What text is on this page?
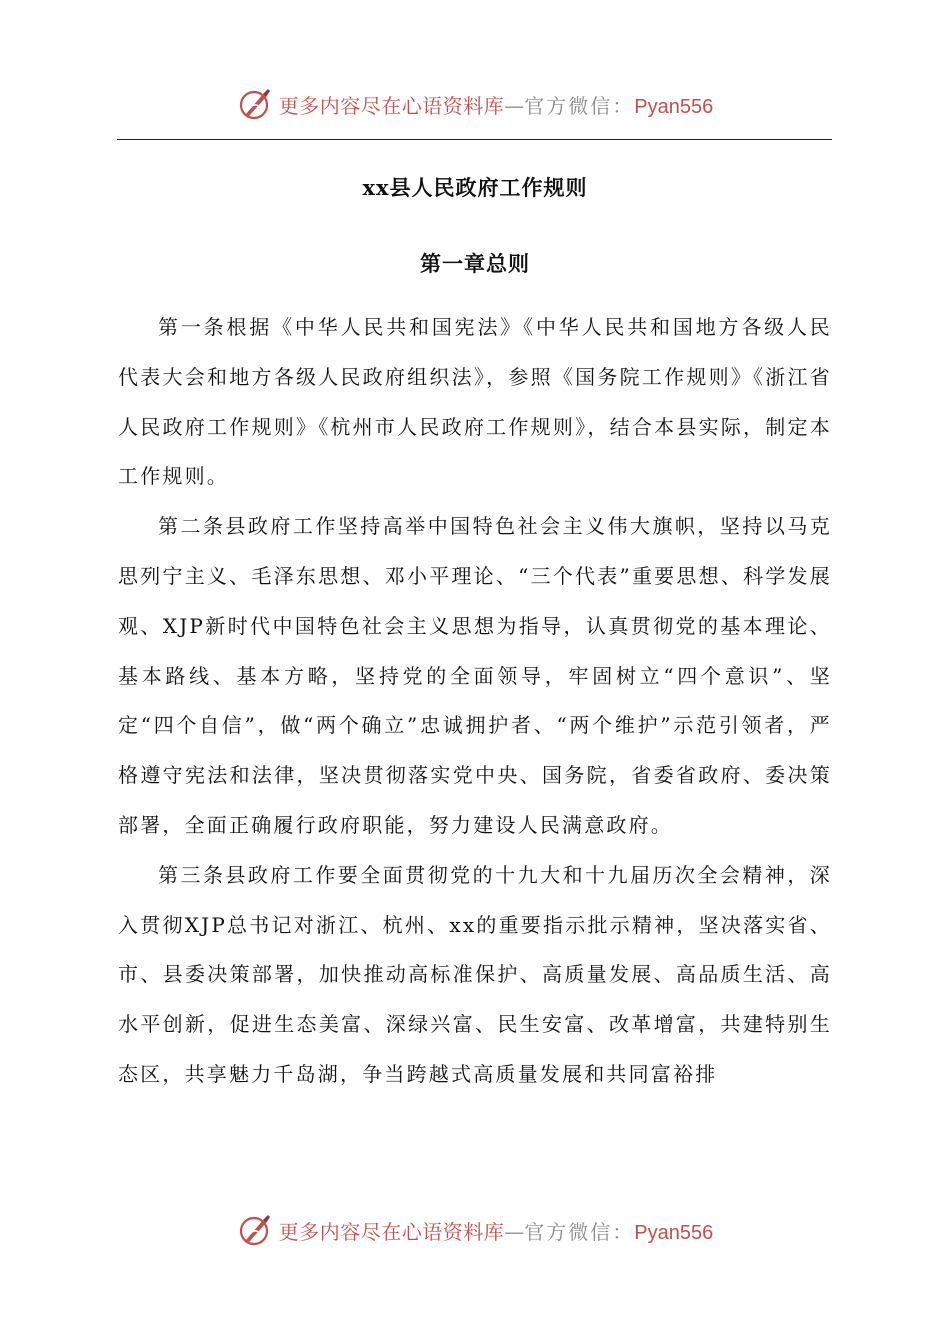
更多内容尽在心语资料库 — 官方微信： Pyan556
xx县人民政府工作规则
第一章总则

第一条根据《中华人民共和国宪法》《中华人民共和国地方各级人民代表大会和地方各级人民政府组织法》，参照《国务院工作规则》《浙江省人民政府工作规则》《杭州市人民政府工作规则》，结合本县实际，制定本工作规则。

第二条县政府工作坚持高举中国特色社会主义伟大旗帜，坚持以马克思列宁主义、毛泽东思想、邓小平理论、“三个代表”重要思想、科学发展观、XJP新时代中国特色社会主义思想为指导，认真贯彻党的基本理论、基本路线、基本方略，坚持党的全面领导，牢固树立“四个意识”、坚定“四个自信”，做“两个确立”忠诚拥护者、“两个维护”示范引领者，严格遵守宪法和法律，坚决贯彻落实党中央、国务院，省委省政府、委决策部署，全面正确履行政府职能，努力建设人民满意政府。

第三条县政府工作要全面贯彻党的十九大和十九届历次全会精神，深入贯彻XJP总书记对浙江、杭州、xx的重要指示批示精神，坚决落实省、市、县委决策部署，加快推动高标准保护、高质量发展、高品质生活、高水平创新，促进生态美富、深绿兴富、民生安富、改革增富，共建特别生态区，共享魅力千岛湖，争当跨越式高质量发展和共同富裕排

更多内容尽在心语资料库 — 官方微信： Pyan556
